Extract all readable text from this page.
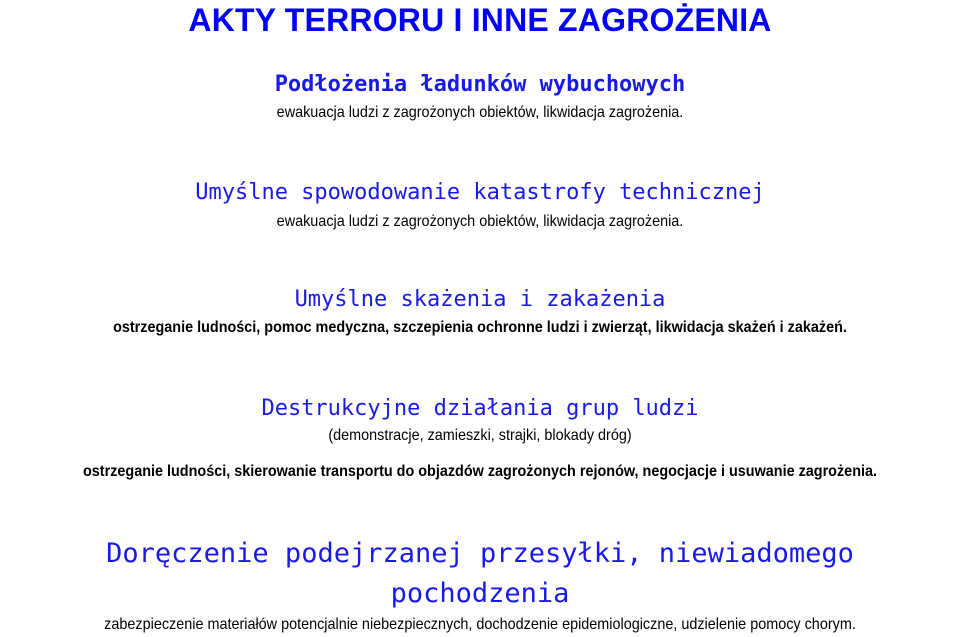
AKTY TERRORU I INNE ZAGROŻENIA
Podłożenia ładunków wybuchowych
ewakuacja ludzi z zagrożonych obiektów, likwidacja zagrożenia.
Umyślne spowodowanie katastrofy technicznej
ewakuacja ludzi z zagrożonych obiektów, likwidacja zagrożenia.
Umyślne skażenia i zakażenia
ostrzeganie ludności, pomoc medyczna, szczepienia ochronne ludzi i zwierząt, likwidacja skażeń i zakażeń.
Destrukcyjne działania grup ludzi
(demonstracje, zamieszki, strajki, blokady dróg)
ostrzeganie ludności, skierowanie transportu do objazdów zagrożonych rejonów, negocjacje i usuwanie zagrożenia.
Doręczenie podejrzanej przesyłki, niewiadomego
pochodzenia
zabezpieczenie materiałów potencjalnie niebezpiecznych, dochodzenie epidemiologiczne, udzielenie pomocy chorym.
